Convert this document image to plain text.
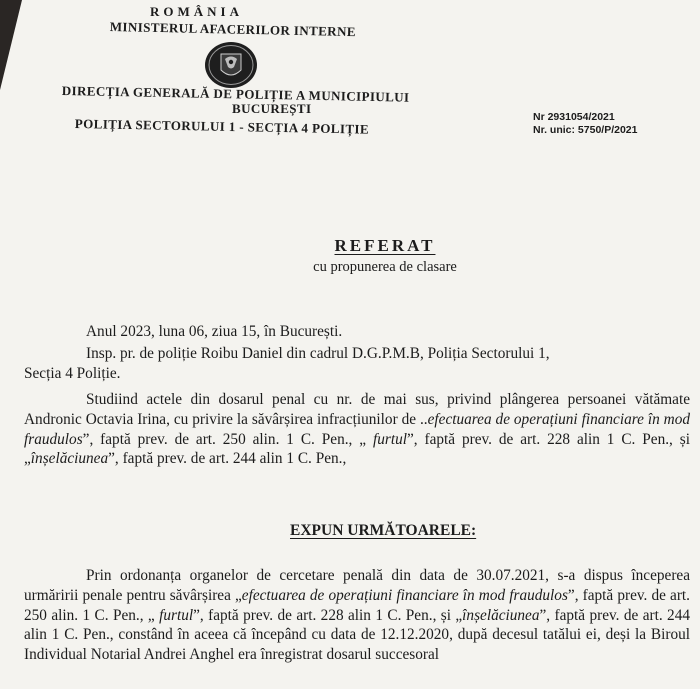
ROMÂNIA
MINISTERUL AFACERILOR INTERNE
DIRECȚIA GENERALĂ DE POLIȚIE A MUNICIPIULUI
BUCUREȘTI
POLIȚIA SECTORULUI 1 - SECȚIA 4 POLIȚIE	Nr 2931054/2021
Nr. unic: 5750/P/2021
REFERAT
cu propunerea de clasare
Anul 2023, luna 06, ziua 15, în București.
Insp. pr. de poliție Roibu Daniel din cadrul D.G.P.M.B, Poliția Sectorului 1,
Secția 4 Poliție.
Studiind actele din dosarul penal cu nr. de mai sus, privind plângerea persoanei vătămate Andronic Octavia Irina, cu privire la săvârșirea infracțiunilor de ..efectuarea de operațiuni financiare în mod fraudulos”, faptă prev. de art. 250 alin. 1 C. Pen., „ furtul”, faptă prev. de art. 228 alin 1 C. Pen., și „înșelăciunea”, faptă prev. de art. 244 alin 1 C. Pen.,
EXPUN URMĂTOARELE:
Prin ordonanța organelor de cercetare penală din data de 30.07.2021, s-a dispus începerea urmăririi penale pentru săvârșirea „efectuarea de operațiuni financiare în mod fraudulos”, faptă prev. de art. 250 alin. 1 C. Pen., „ furtul”, faptă prev. de art. 228 alin 1 C. Pen., și „înșelăciunea”, faptă prev. de art. 244 alin 1 C. Pen., constând în aceea că începând cu data de 12.12.2020, după decesul tatălui ei, deși la Biroul Individual Notarial Andrei Anghel era înregistrat dosarul succesoral
